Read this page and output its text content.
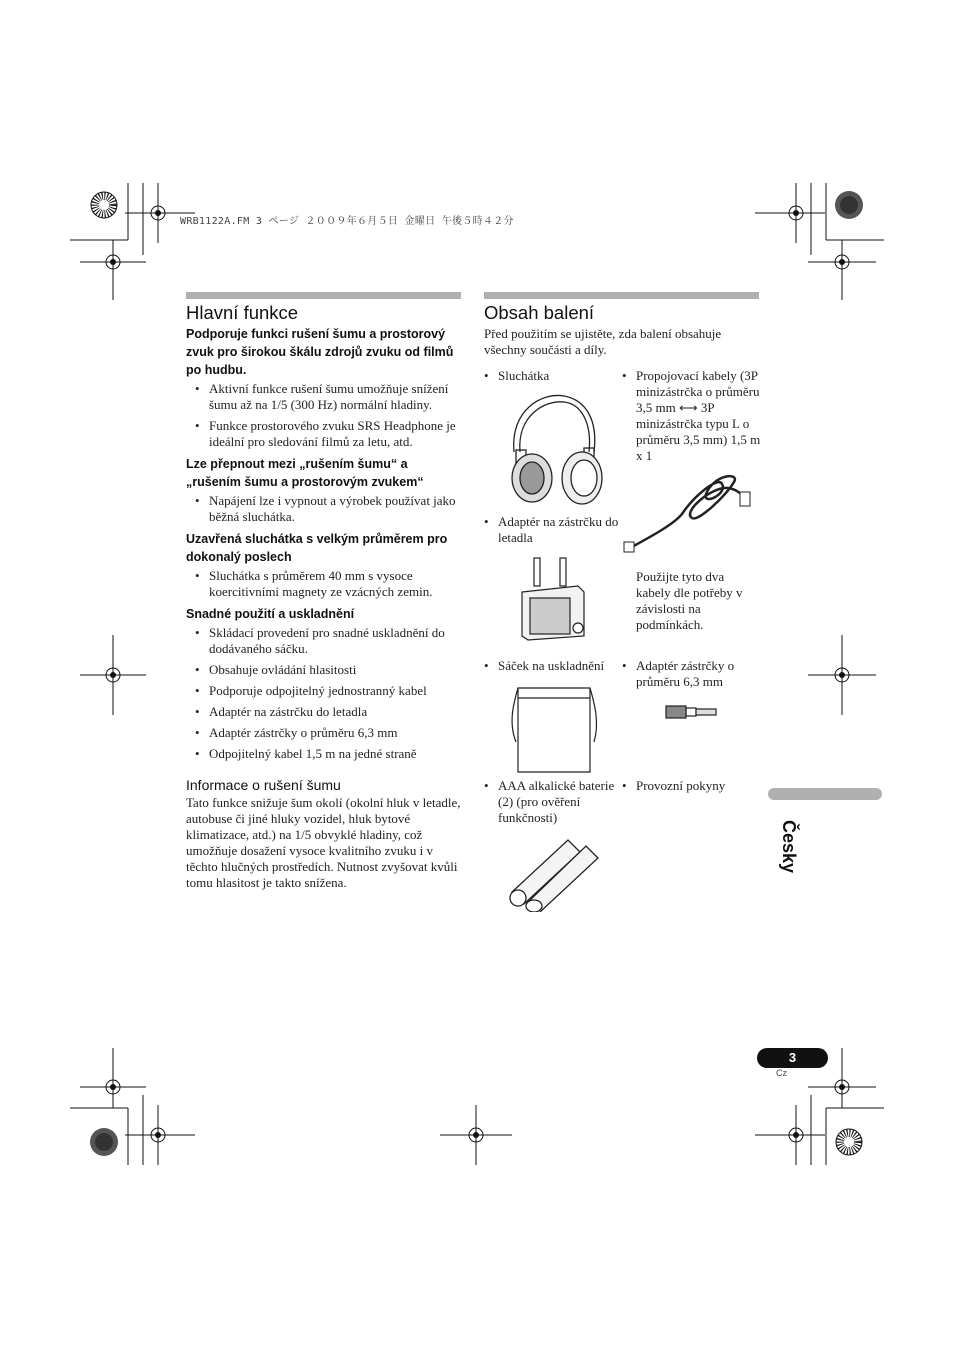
WRB1122A.FM 3 ページ ２００９年６月５日 金曜日 午後５時４２分
Hlavní funkce
Podporuje funkci rušení šumu a prostorový zvuk pro širokou škálu zdrojů zvuku od filmů po hudbu.
• Aktivní funkce rušení šumu umožňuje snížení šumu až na 1/5 (300 Hz) normální hladiny.
• Funkce prostorového zvuku SRS Headphone je ideální pro sledování filmů za letu, atd.
Lze přepnout mezi „rušením šumu“ a „rušením šumu a prostorovým zvukem“
• Napájení lze i vypnout a výrobek používat jako běžná sluchátka.
Uzavřená sluchátka s velkým průměrem pro dokonalý poslech
• Sluchátka s průměrem 40 mm s vysoce koercitivními magnety ze vzácných zemin.
Snadné použití a uskladnění
• Skládací provedení pro snadné uskladnění do dodávaného sáčku.
• Obsahuje ovládání hlasitosti
• Podporuje odpojitelný jednostranný kabel
• Adaptér na zástrčku do letadla
• Adaptér zástrčky o průměru 6,3 mm
• Odpojitelný kabel 1,5 m na jedné straně
Informace o rušení šumu

Tato funkce snižuje šum okolí (okolní hluk v letadle, autobuse či jiné hluky vozidel, hluk bytové klimatizace, atd.) na 1/5 obvyklé hladiny, což umožňuje dosažení vysoce kvalitního zvuku i v těchto hlučných prostředích. Nutnost zvyšovat kvůli tomu hlasitost je takto snížena.

Obsah balení
Před použitím se ujistěte, zda balení obsahuje všechny součásti a díly.
• Sluchátka	• Propojovací kabely (3P minizástrčka o průměru 3,5 mm ⟷ 3P minizástrčka typu L o průměru 3,5 mm) 1,5 m x 1
• Adaptér na zástrčku do letadla
Použijte tyto dva kabely dle potřeby v závislosti na podmínkách.
• Sáček na uskladnění	• Adaptér zástrčky o průměru 6,3 mm
• AAA alkalické baterie (2) (pro ověření funkčnosti)
• Provozní pokyny
Česky
3
Cz
